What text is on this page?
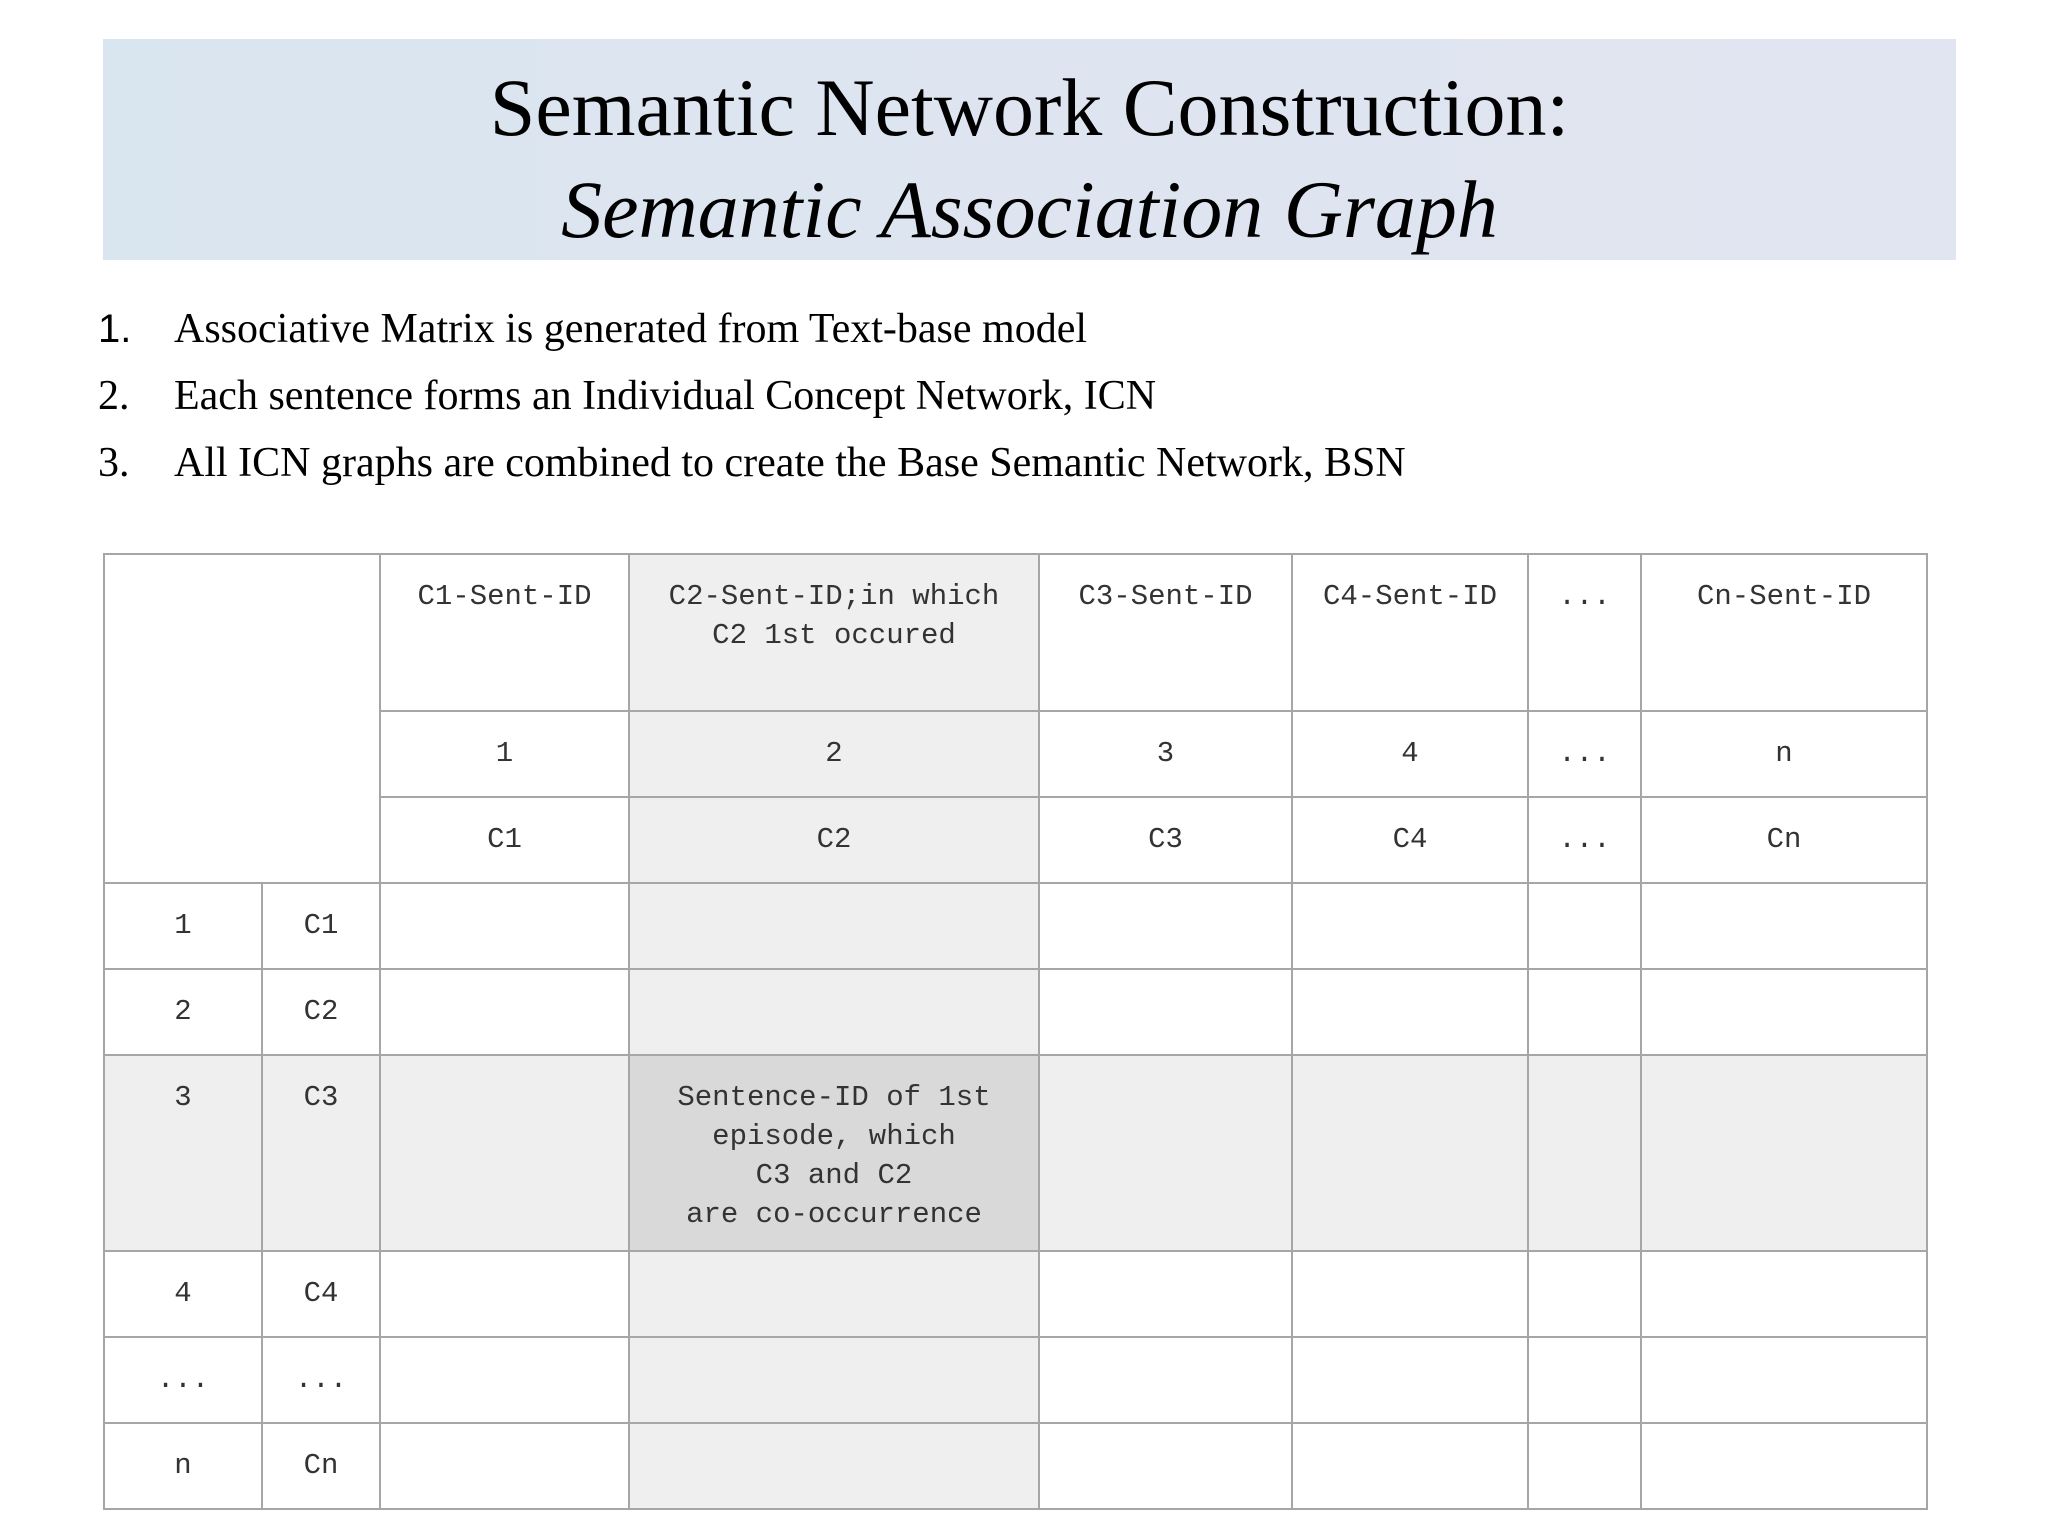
Semantic Network Construction:
Semantic Association Graph
1.	Associative Matrix is generated from Text-base model
2.	Each sentence forms an Individual Concept Network, ICN
3.	All ICN graphs are combined to create the Base Semantic Network, BSN
		C1-Sent-ID	C2-Sent-ID;in which
C2 1st occured	C3-Sent-ID	C4-Sent-ID	...	Cn-Sent-ID
		1	2	3	4	...	n
		C1	C2	C3	C4	...	Cn
1	C1						
2	C2						
3	C3		Sentence-ID of 1st
episode, which
C3 and C2
are co-occurrence				
4	C4						
...	...						
n	Cn						
